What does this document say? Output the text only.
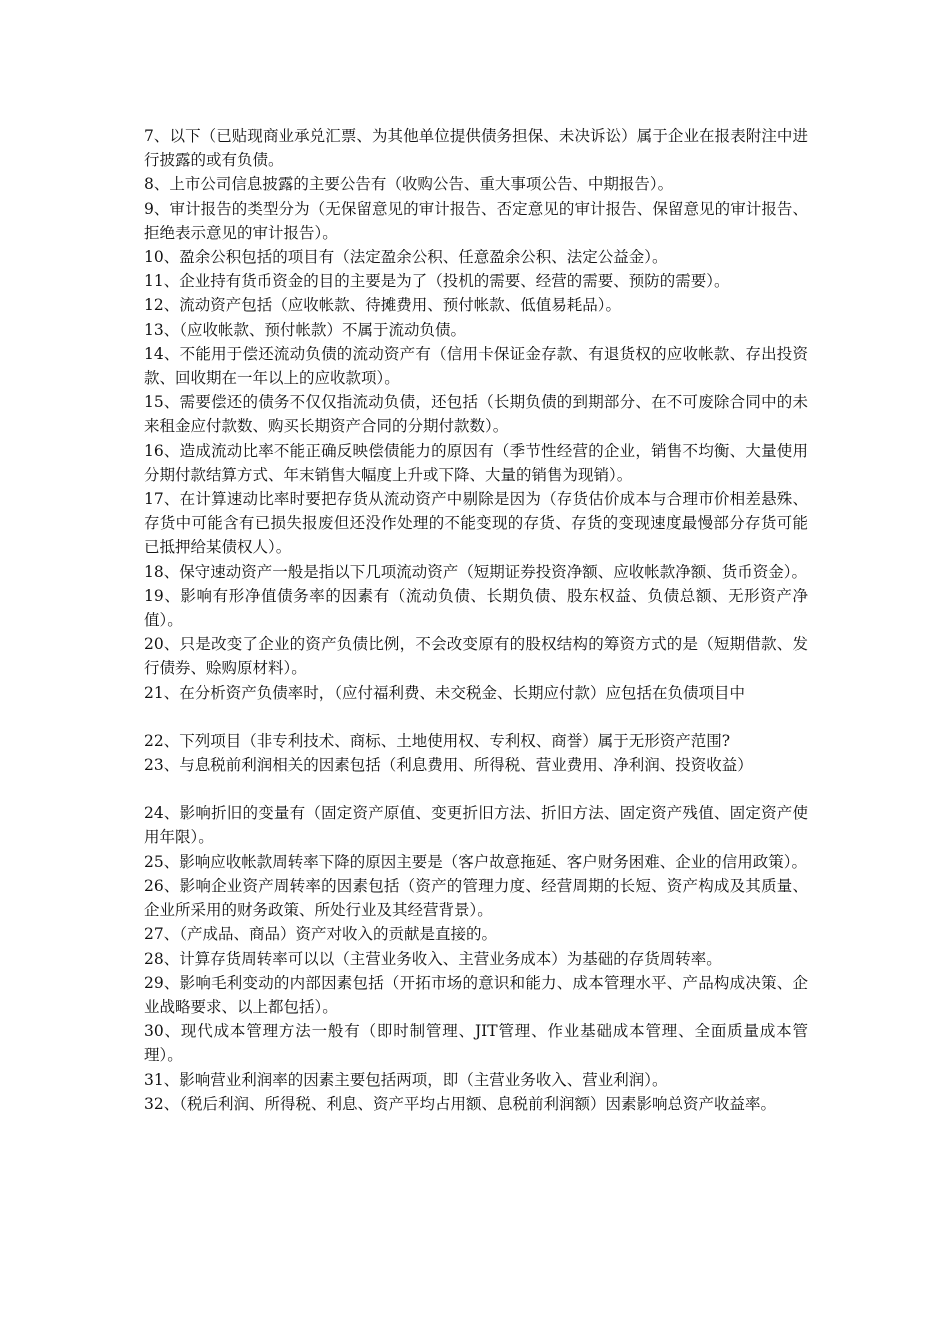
7、以下（已贴现商业承兑汇票、为其他单位提供债务担保、未决诉讼）属于企业在报表附注中进行披露的或有负债。

8、上市公司信息披露的主要公告有（收购公告、重大事项公告、中期报告）。

9、审计报告的类型分为（无保留意见的审计报告、否定意见的审计报告、保留意见的审计报告、拒绝表示意见的审计报告）。

10、盈余公积包括的项目有（法定盈余公积、任意盈余公积、法定公益金）。

11、企业持有货币资金的目的主要是为了（投机的需要、经营的需要、预防的需要）。

12、流动资产包括（应收帐款、待摊费用、预付帐款、低值易耗品）。

13、（应收帐款、预付帐款）不属于流动负债。

14、不能用于偿还流动负债的流动资产有（信用卡保证金存款、有退货权的应收帐款、存出投资款、回收期在一年以上的应收款项）。

15、需要偿还的债务不仅仅指流动负债，还包括（长期负债的到期部分、在不可废除合同中的未来租金应付款数、购买长期资产合同的分期付款数）。

16、造成流动比率不能正确反映偿债能力的原因有（季节性经营的企业，销售不均衡、大量使用分期付款结算方式、年末销售大幅度上升或下降、大量的销售为现销）。

17、在计算速动比率时要把存货从流动资产中剔除是因为（存货估价成本与合理市价相差悬殊、存货中可能含有已损失报废但还没作处理的不能变现的存货、存货的变现速度最慢部分存货可能已抵押给某债权人）。

18、保守速动资产一般是指以下几项流动资产（短期证券投资净额、应收帐款净额、货币资金）。

19、影响有形净值债务率的因素有（流动负债、长期负债、股东权益、负债总额、无形资产净值）。

20、只是改变了企业的资产负债比例，不会改变原有的股权结构的筹资方式的是（短期借款、发行债券、赊购原材料）。

21、在分析资产负债率时，（应付福利费、未交税金、长期应付款）应包括在负债项目中

22、下列项目（非专利技术、商标、土地使用权、专利权、商誉）属于无形资产范围?

23、与息税前利润相关的因素包括（利息费用、所得税、营业费用、净利润、投资收益）

24、影响折旧的变量有（固定资产原值、变更折旧方法、折旧方法、固定资产残值、固定资产使用年限）。

25、影响应收帐款周转率下降的原因主要是（客户故意拖延、客户财务困难、企业的信用政策）。

26、影响企业资产周转率的因素包括（资产的管理力度、经营周期的长短、资产构成及其质量、企业所采用的财务政策、所处行业及其经营背景）。

27、（产成品、商品）资产对收入的贡献是直接的。

28、计算存货周转率可以以（主营业务收入、主营业务成本）为基础的存货周转率。

29、影响毛利变动的内部因素包括（开拓市场的意识和能力、成本管理水平、产品构成决策、企业战略要求、以上都包括）。

30、现代成本管理方法一般有（即时制管理、JIT管理、作业基础成本管理、全面质量成本管理）。

31、影响营业利润率的因素主要包括两项，即（主营业务收入、营业利润）。

32、（税后利润、所得税、利息、资产平均占用额、息税前利润额）因素影响总资产收益率。
